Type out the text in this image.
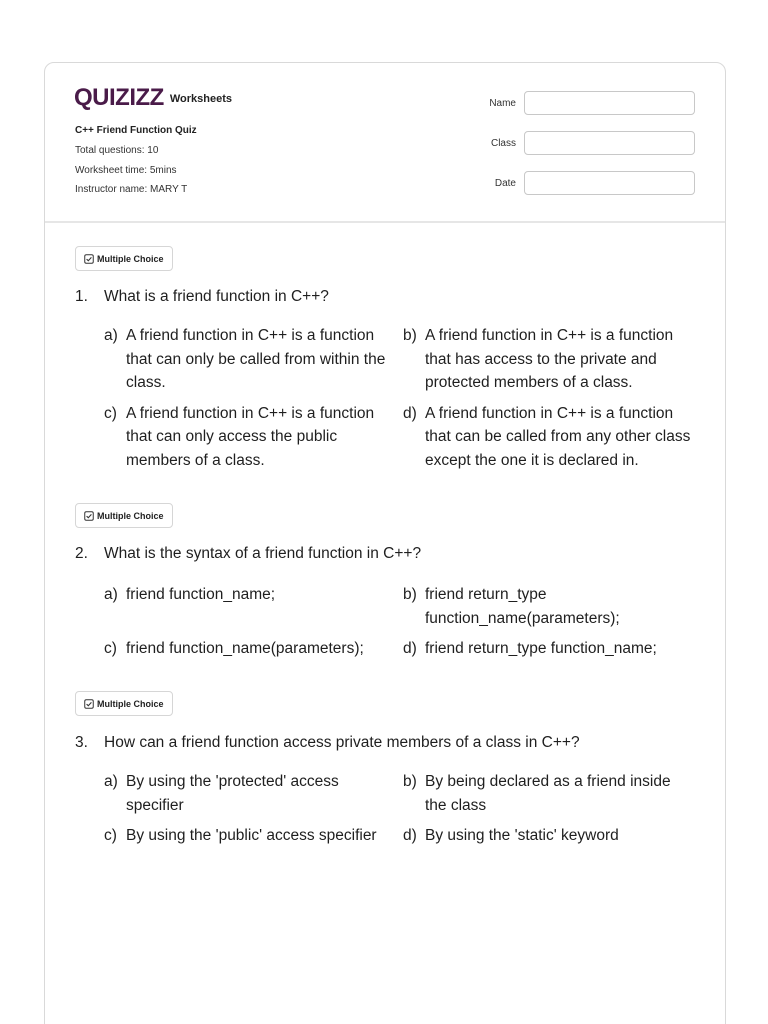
QUIZIZZ Worksheets
C++ Friend Function Quiz
Total questions: 10
Worksheet time: 5mins
Instructor name: MARY T
Name
Class
Date
Multiple Choice
1.	What is a friend function in C++?
a) A friend function in C++ is a function that can only be called from within the class.
b) A friend function in C++ is a function that has access to the private and protected members of a class.
c) A friend function in C++ is a function that can only access the public members of a class.
d) A friend function in C++ is a function that can be called from any other class except the one it is declared in.
Multiple Choice
2.	What is the syntax of a friend function in C++?
a) friend function_name;	b) friend return_type function_name(parameters);
c) friend function_name(parameters);	d) friend return_type function_name;
Multiple Choice
3.	How can a friend function access private members of a class in C++?
a) By using the 'protected' access specifier
b) By being declared as a friend inside the class
c) By using the 'public' access specifier	d) By using the 'static' keyword
